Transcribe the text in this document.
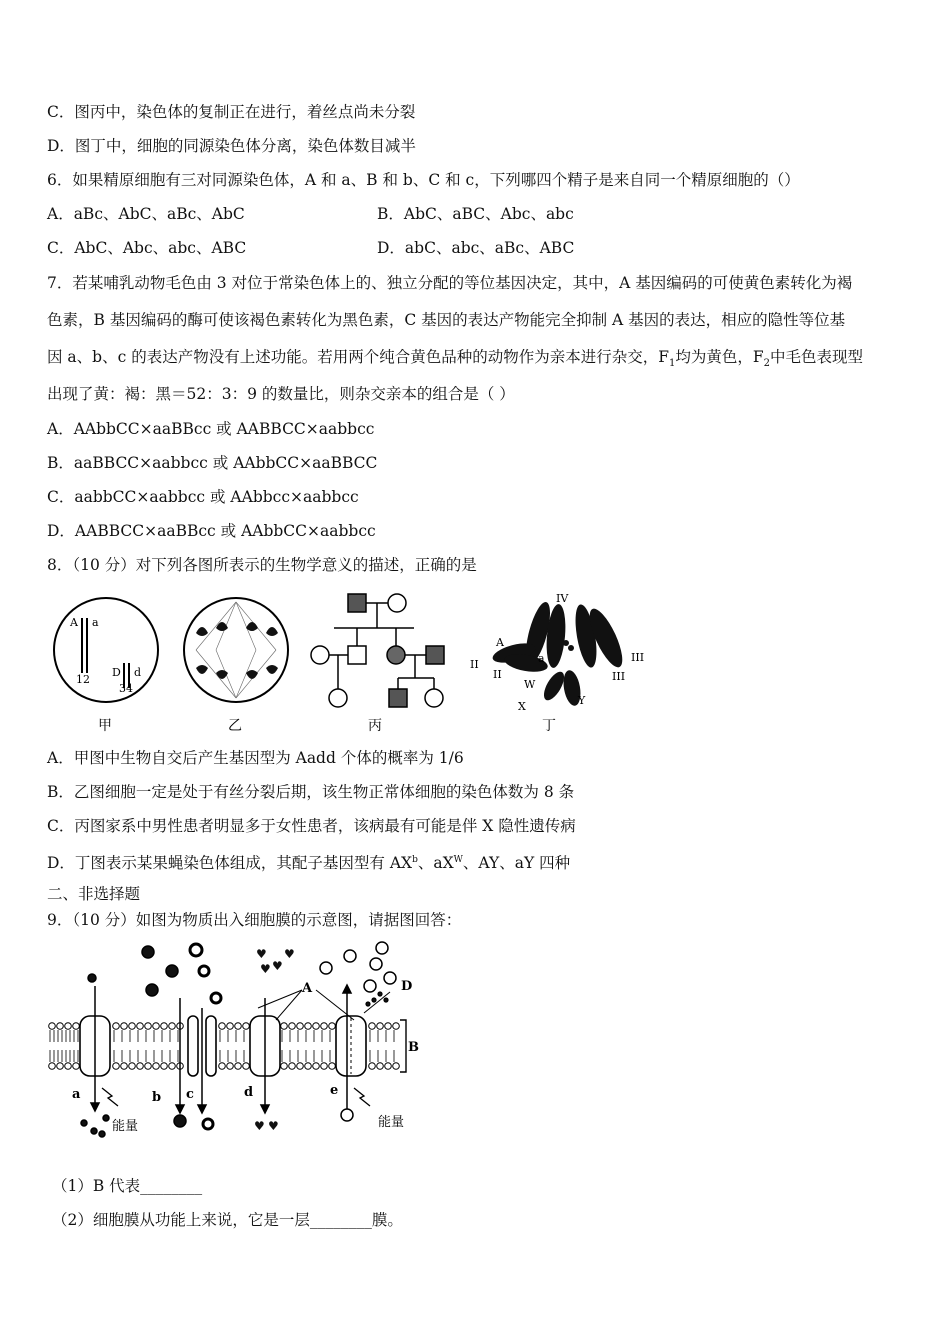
C．图丙中，染色体的复制正在进行，着丝点尚未分裂
D．图丁中，细胞的同源染色体分离，染色体数目减半
6．如果精原细胞有三对同源染色体，A 和 a、B 和 b、C 和 c，下列哪四个精子是来自同一个精原细胞的（）
A．aBc、AbC、aBc、AbC	B．AbC、aBC、Abc、abc
C．AbC、Abc、abc、ABC	D．abC、abc、aBc、ABC
7．若某哺乳动物毛色由 3 对位于常染色体上的、独立分配的等位基因决定，其中，A 基因编码的可使黄色素转化为褐
色素，B 基因编码的酶可使该褐色素转化为黑色素，C 基因的表达产物能完全抑制 A 基因的表达，相应的隐性等位基
因 a、b、c 的表达产物没有上述功能。若用两个纯合黄色品种的动物作为亲本进行杂交，$F_1$均为黄色，$F_2$中毛色表现型
出现了黄：褐：黑＝52：3：9 的数量比，则杂交亲本的组合是（ ）
A．AAbbCC×aaBBcc 或 AABBCC×aabbcc
B．aaBBCC×aabbcc 或 AAbbCC×aaBBCC
C．aabbCC×aabbcc 或 AAbbcc×aabbcc
D．AABBCC×aaBBcc 或 AAbbCC×aabbcc
8．（10 分）对下列各图所表示的生物学意义的描述，正确的是
A a
D d
12
34
甲	乙	丙
IV
II
II
A
a	III
III
W
X	Y
丁
A．甲图中生物自交后产生基因型为 Aadd 个体的概率为 1/6
B．乙图细胞一定是处于有丝分裂后期，该生物正常体细胞的染色体数为 8 条
C．丙图家系中男性患者明显多于女性患者，该病最有可能是伴 X 隐性遗传病
D．丁图表示某果蝇染色体组成，其配子基因型有 $AX^b$、$aX^W$、AY、aY 四种
二、非选择题
9．（10 分）如图为物质出入细胞膜的示意图，请据图回答：
B
♥
♥
♥
♥
A	D
♥ ♥
a	b c	d	e
能量	能量
（1）B 代表________
（2）细胞膜从功能上来说，它是一层________膜。
